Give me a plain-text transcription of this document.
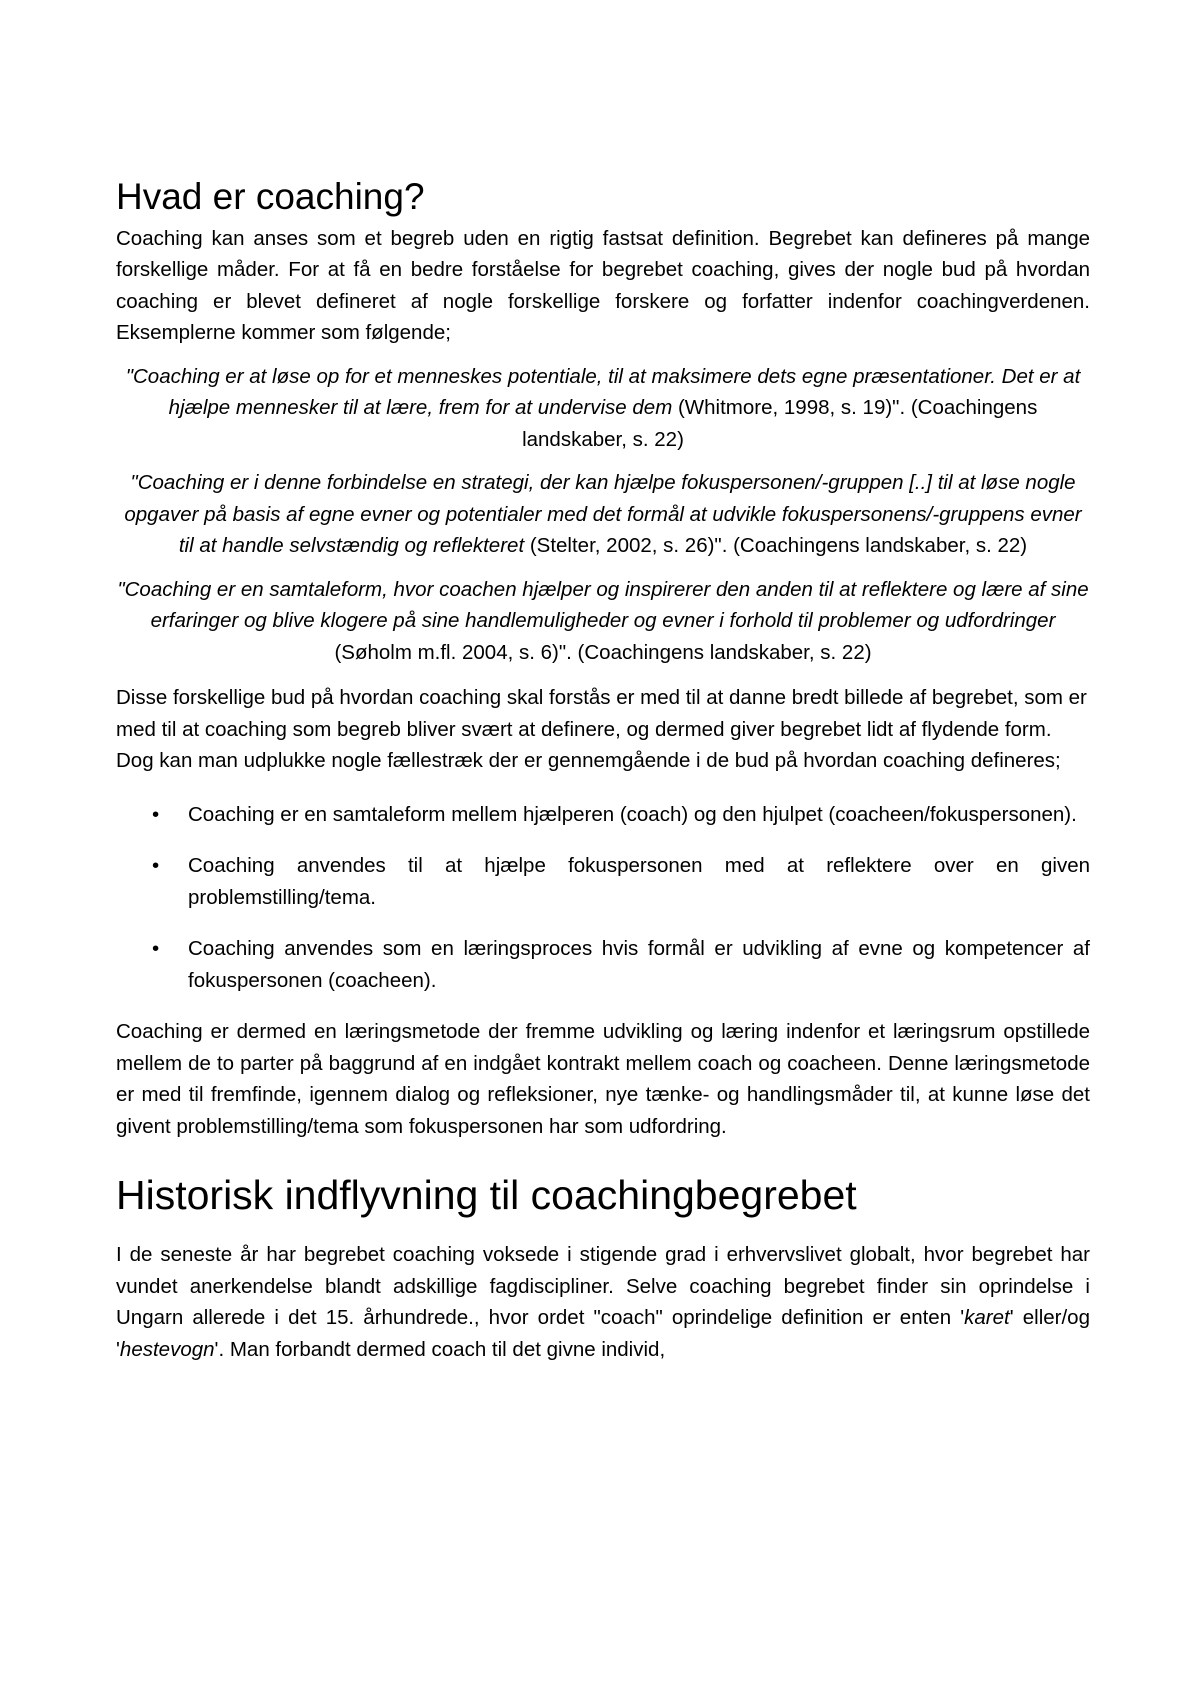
Hvad er coaching?

Coaching kan anses som et begreb uden en rigtig fastsat definition. Begrebet kan defineres på mange forskellige måder. For at få en bedre forståelse for begrebet coaching, gives der nogle bud på hvordan coaching er blevet defineret af nogle forskellige forskere og forfatter indenfor coachingverdenen. Eksemplerne kommer som følgende;

"Coaching er at løse op for et menneskes potentiale, til at maksimere dets egne præsentationer. Det er at hjælpe mennesker til at lære, frem for at undervise dem (Whitmore, 1998, s. 19)". (Coachingens landskaber, s. 22)

"Coaching er i denne forbindelse en strategi, der kan hjælpe fokuspersonen/-gruppen [..] til at løse nogle opgaver på basis af egne evner og potentialer med det formål at udvikle fokuspersonens/-gruppens evner til at handle selvstændig og reflekteret (Stelter, 2002, s. 26)". (Coachingens landskaber, s. 22)

"Coaching er en samtaleform, hvor coachen hjælper og inspirerer den anden til at reflektere og lære af sine erfaringer og blive klogere på sine handlemuligheder og evner i forhold til problemer og udfordringer (Søholm m.fl. 2004, s. 6)". (Coachingens landskaber, s. 22)

Disse forskellige bud på hvordan coaching skal forstås er med til at danne bredt billede af begrebet, som er med til at coaching som begreb bliver svært at definere, og dermed giver begrebet lidt af flydende form. Dog kan man udplukke nogle fællestræk der er gennemgående i de bud på hvordan coaching defineres;

• Coaching er en samtaleform mellem hjælperen (coach) og den hjulpet (coacheen/fokuspersonen).
• Coaching anvendes til at hjælpe fokuspersonen med at reflektere over en given problemstilling/tema.
• Coaching anvendes som en læringsproces hvis formål er udvikling af evne og kompetencer af fokuspersonen (coacheen).

Coaching er dermed en læringsmetode der fremme udvikling og læring indenfor et læringsrum opstillede mellem de to parter på baggrund af en indgået kontrakt mellem coach og coacheen. Denne læringsmetode er med til fremfinde, igennem dialog og refleksioner, nye tænke- og handlingsmåder til, at kunne løse det givent problemstilling/tema som fokuspersonen har som udfordring.

Historisk indflyvning til coachingbegrebet

I de seneste år har begrebet coaching voksede i stigende grad i erhvervslivet globalt, hvor begrebet har vundet anerkendelse blandt adskillige fagdiscipliner. Selve coaching begrebet finder sin oprindelse i Ungarn allerede i det 15. århundrede., hvor ordet "coach" oprindelige definition er enten 'karet' eller/og 'hestevogn'. Man forbandt dermed coach til det givne individ,
